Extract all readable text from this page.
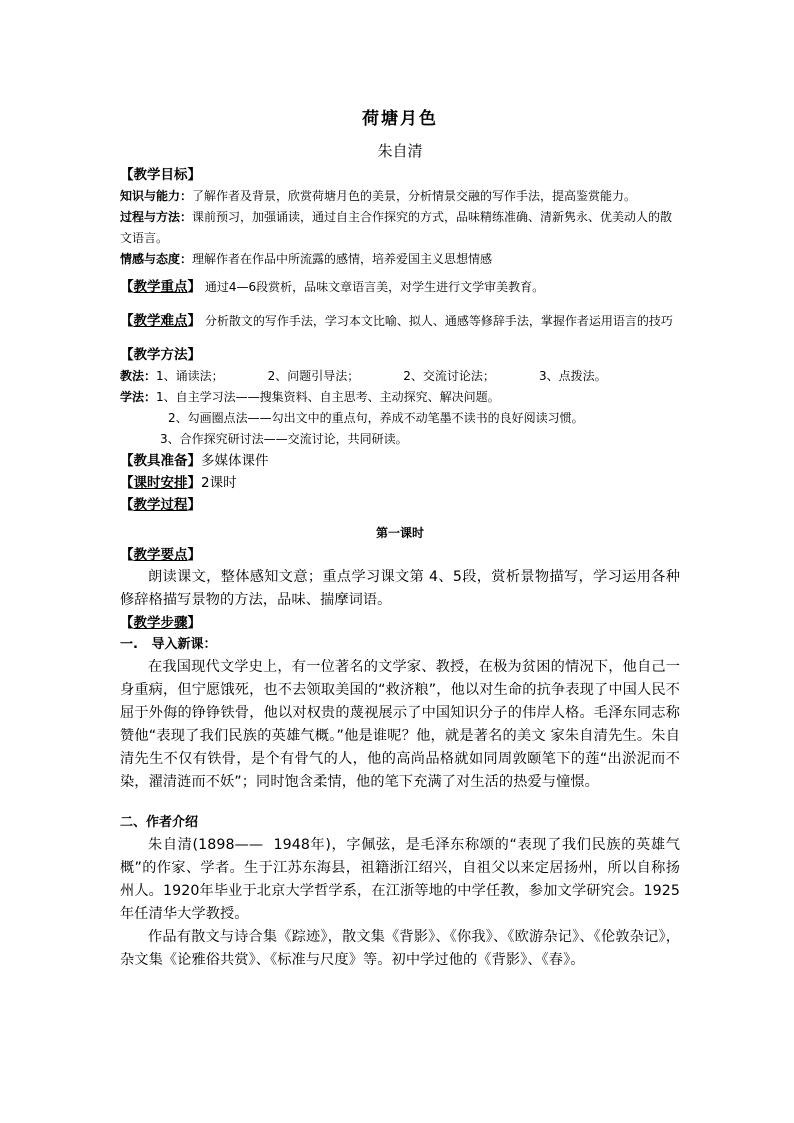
荷塘月色
朱自清
【教学目标】
知识与能力：了解作者及背景，欣赏荷塘月色的美景，分析情景交融的写作手法，提高鉴赏能力。
过程与方法：课前预习，加强诵读，通过自主合作探究的方式，品味精练准确、清新隽永、优美动人的散文语言。
情感与态度：理解作者在作品中所流露的感情，培养爱国主义思想情感
【教学重点】 通过4—6段赏析，品味文章语言美，对学生进行文学审美教育。
【教学难点】 分析散文的写作手法，学习本文比喻、拟人、通感等修辞手法，掌握作者运用语言的技巧
【教学方法】
教法：1、诵读法；	2、问题引导法；	2、交流讨论法；	3、点拨法。
学法：1、自主学习法——搜集资料、自主思考、主动探究、解决问题。
2、勾画圈点法——勾出文中的重点句，养成不动笔墨不读书的良好阅读习惯。
3、合作探究研讨法——交流讨论，共同研读。
【教具准备】多媒体课件
【课时安排】2课时
【教学过程】
第一课时
【教学要点】
朗读课文，整体感知文意；重点学习课文第 4、5段，赏析景物描写，学习运用各种修辞格描写景物的方法，品味、揣摩词语。
【教学步骤】
一.   导入新课：
在我国现代文学史上，有一位著名的文学家、教授，在极为贫困的情况下，他自己一身重病，但宁愿饿死，也不去领取美国的“救济粮”，他以对生命的抗争表现了中国人民不屈于外侮的铮铮铁骨，他以对权贵的蔑视展示了中国知识分子的伟岸人格。毛泽东同志称赞他“表现了我们民族的英雄气概。”他是谁呢？他，就是著名的美文 家朱自清先生。朱自清先生不仅有铁骨，是个有骨气的人，他的高尚品格就如同周敦颐笔下的莲“出淤泥而不染，濯清涟而不妖”；同时饱含柔情，他的笔下充满了对生活的热爱与憧憬。
二、作者介绍
朱自清(1898——  1948年)，字佩弦，是毛泽东称颂的“表现了我们民族的英雄气概”的作家、学者。生于江苏东海县，祖籍浙江绍兴，自祖父以来定居扬州，所以自称扬州人。1920年毕业于北京大学哲学系，在江浙等地的中学任教，参加文学研究会。1925年任清华大学教授。
作品有散文与诗合集《踪迹》，散文集《背影》、《你我》、《欧游杂记》、《伦敦杂记》，杂文集《论雅俗共赏》、《标准与尺度》等。初中学过他的《背影》、《春》。
